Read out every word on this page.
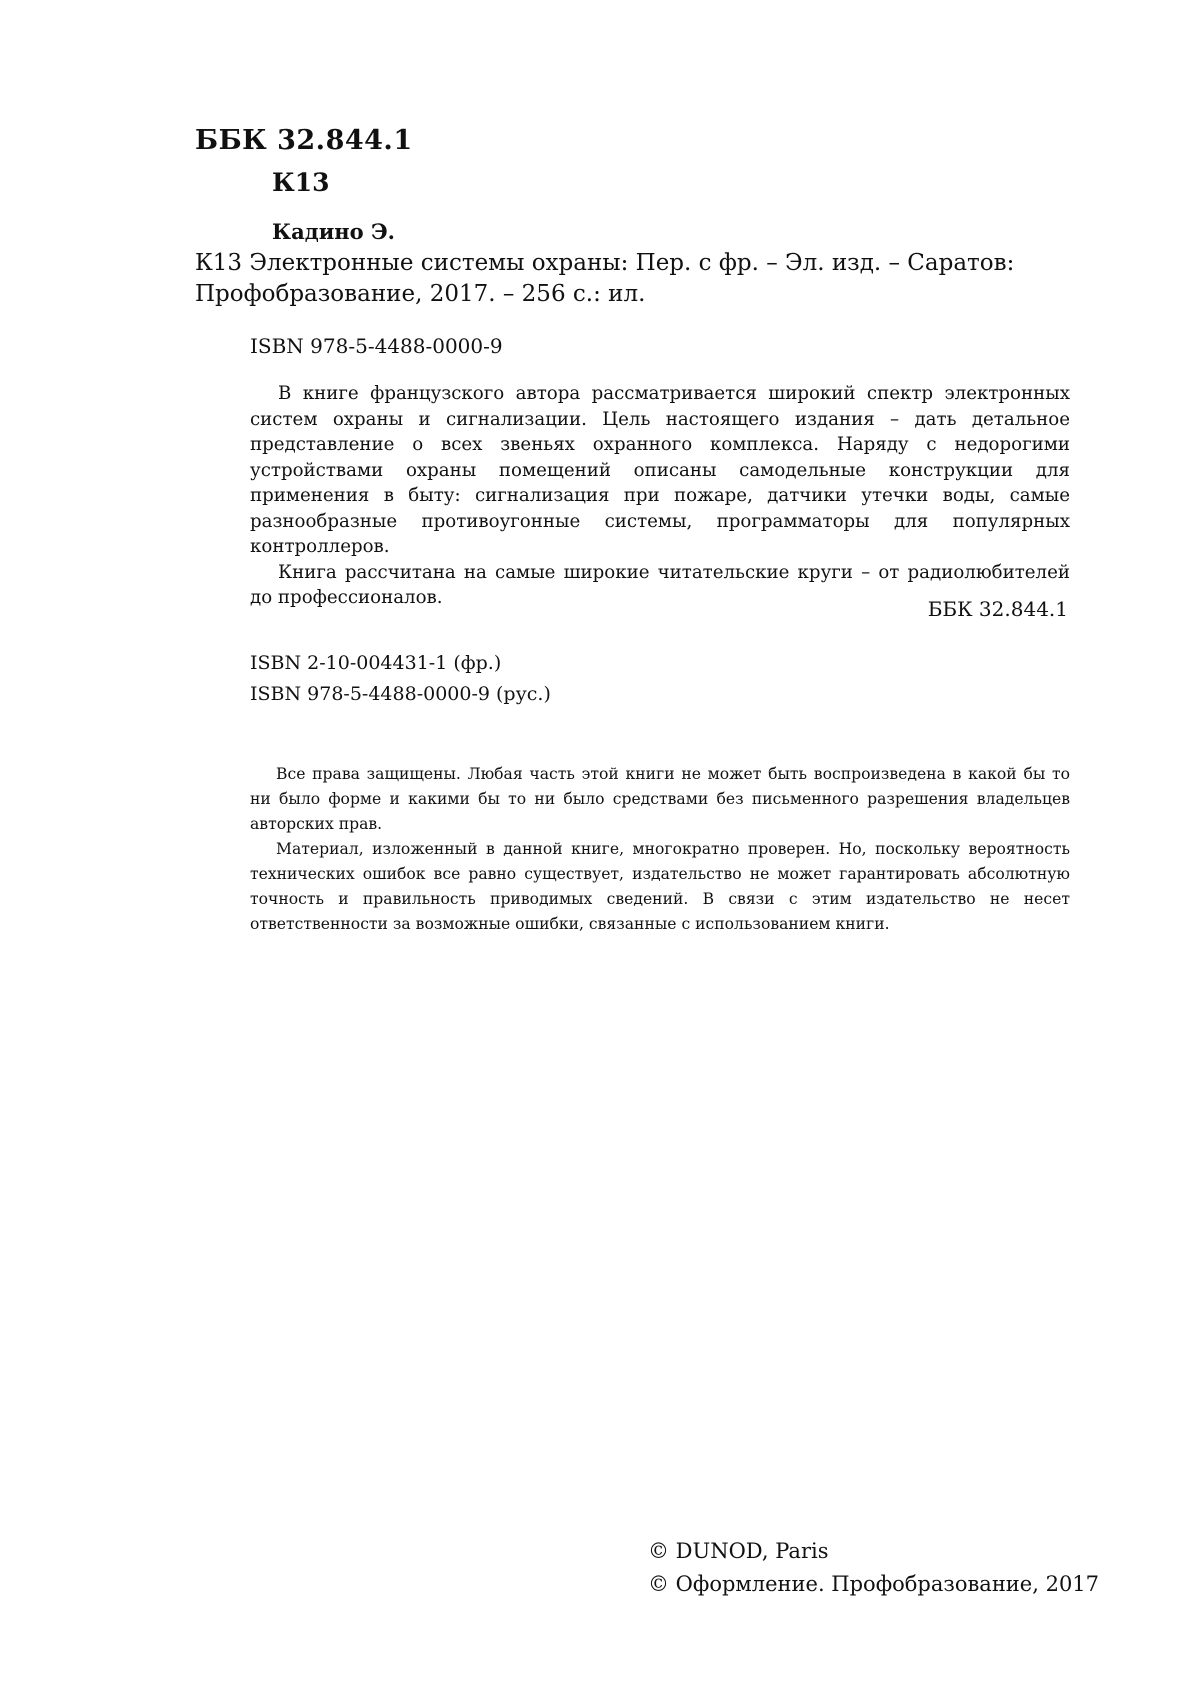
ББК 32.844.1
К13
Кадино Э.
К13 Электронные системы охраны: Пер. с фр. – Эл. изд. – Саратов:
Профобразование, 2017. – 256 с.: ил.
ISBN 978-5-4488-0000-9

В книге французского автора рассматривается широкий спектр электронных систем охраны и сигнализации. Цель настоящего издания – дать детальное представление о всех звеньях охранного комплекса. Наряду с недорогими устройствами охраны помещений описаны самодельные конструкции для применения в быту: сигнализация при пожаре, датчики утечки воды, самые разнообразные противоугонные системы, программаторы для популярных контроллеров.

Книга рассчитана на самые широкие читательские круги – от радиолюбителей до профессионалов.	ББК 32.844.1
ISBN 2-10-004431-1 (фр.)
ISBN 978-5-4488-0000-9 (рус.)

Все права защищены. Любая часть этой книги не может быть воспроизведена в какой бы то ни было форме и какими бы то ни было средствами без письменного разрешения владельцев авторских прав.

Материал, изложенный в данной книге, многократно проверен. Но, поскольку вероятность технических ошибок все равно существует, издательство не может гарантировать абсолютную точность и правильность приводимых сведений. В связи с этим издательство не несет ответственности за возможные ошибки, связанные с использованием книги.

© DUNOD, Paris
© Оформление. Профобразование, 2017
